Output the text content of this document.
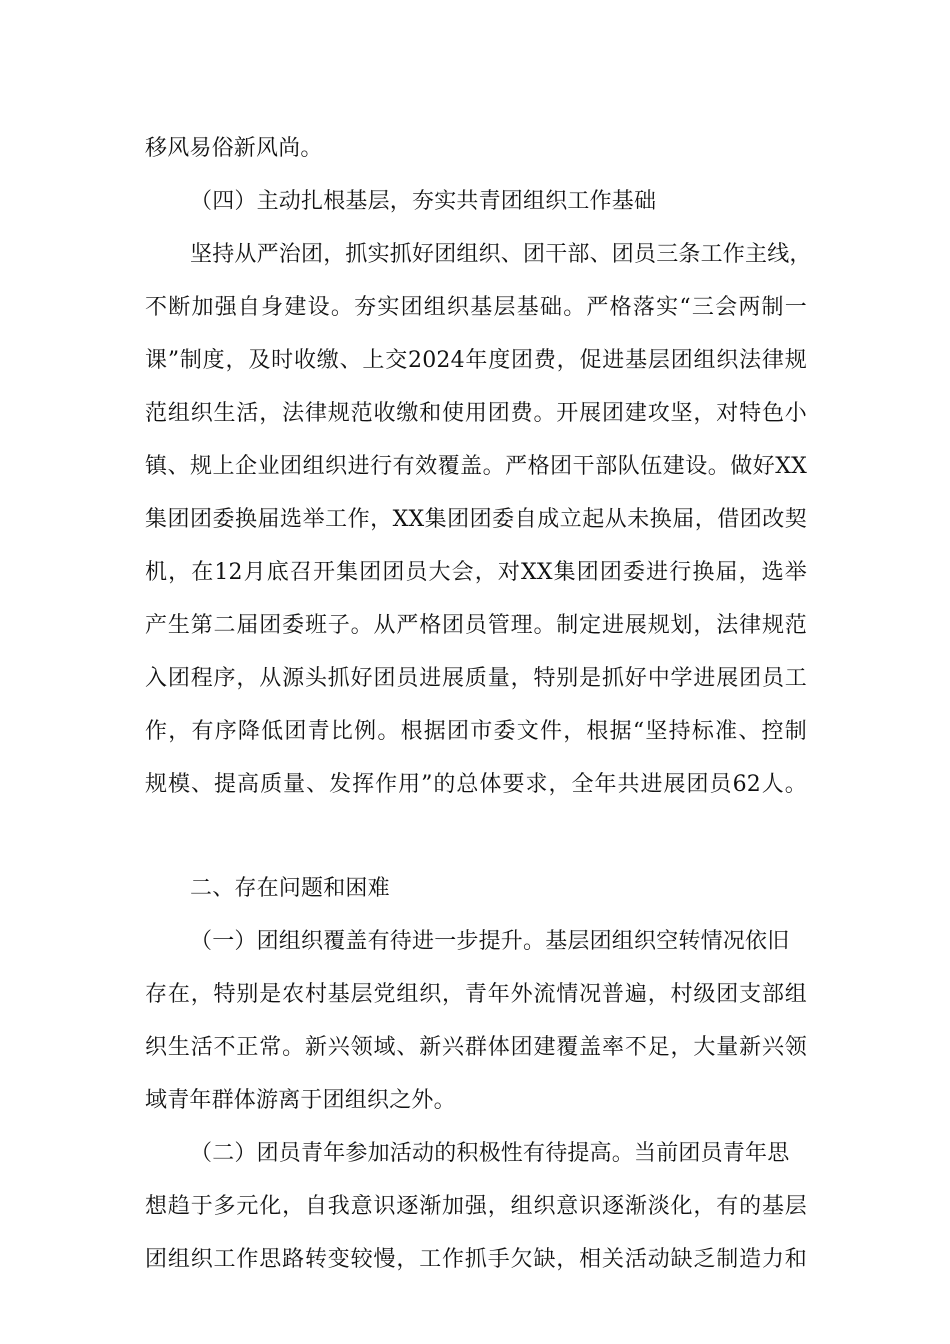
移风易俗新风尚。
（四）主动扎根基层，夯实共青团组织工作基础
坚持从严治团，抓实抓好团组织、团干部、团员三条工作主线，
不断加强自身建设。夯实团组织基层基础。严格落实“三会两制一
课”制度，及时收缴、上交2024年度团费，促进基层团组织法律规
范组织生活，法律规范收缴和使用团费。开展团建攻坚，对特色小
镇、规上企业团组织进行有效覆盖。严格团干部队伍建设。做好XX
集团团委换届选举工作，XX集团团委自成立起从未换届，借团改契
机，在12月底召开集团团员大会，对XX集团团委进行换届，选举
产生第二届团委班子。从严格团员管理。制定进展规划，法律规范
入团程序，从源头抓好团员进展质量，特别是抓好中学进展团员工
作，有序降低团青比例。根据团市委文件，根据“坚持标准、控制
规模、提高质量、发挥作用”的总体要求，全年共进展团员62人。
二、存在问题和困难
（一）团组织覆盖有待进一步提升。基层团组织空转情况依旧
存在，特别是农村基层党组织，青年外流情况普遍，村级团支部组
织生活不正常。新兴领域、新兴群体团建覆盖率不足，大量新兴领
域青年群体游离于团组织之外。
（二）团员青年参加活动的积极性有待提高。当前团员青年思
想趋于多元化，自我意识逐渐加强，组织意识逐渐淡化，有的基层
团组织工作思路转变较慢，工作抓手欠缺，相关活动缺乏制造力和
